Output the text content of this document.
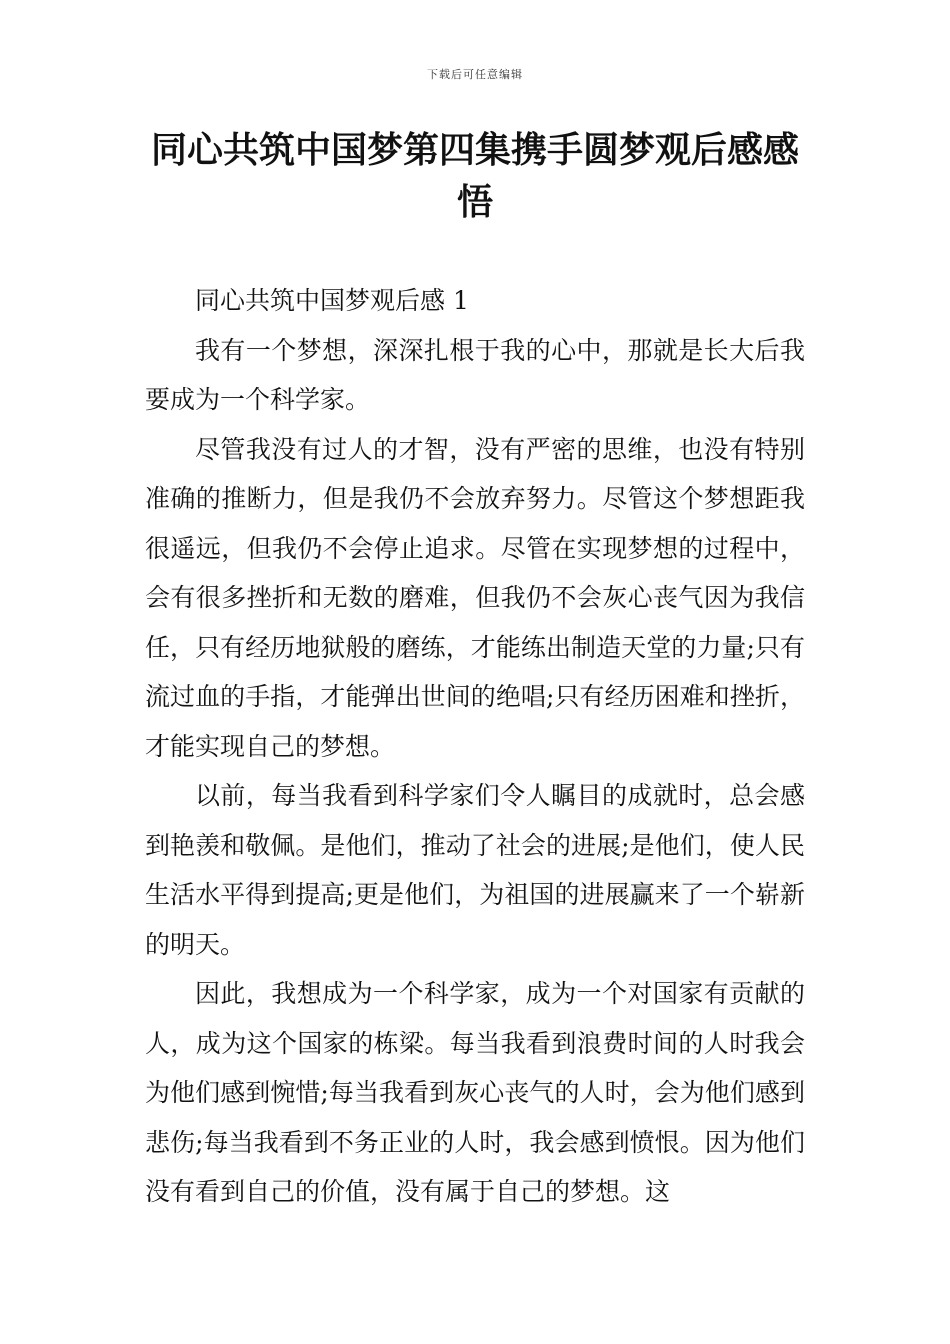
下载后可任意编辑
同心共筑中国梦第四集携手圆梦观后感感悟

同心共筑中国梦观后感 1

我有一个梦想，深深扎根于我的心中，那就是长大后我要成为一个科学家。

尽管我没有过人的才智，没有严密的思维，也没有特别准确的推断力，但是我仍不会放弃努力。尽管这个梦想距我很遥远，但我仍不会停止追求。尽管在实现梦想的过程中，会有很多挫折和无数的磨难，但我仍不会灰心丧气因为我信任，只有经历地狱般的磨练，才能练出制造天堂的力量;只有流过血的手指，才能弹出世间的绝唱;只有经历困难和挫折，才能实现自己的梦想。

以前，每当我看到科学家们令人瞩目的成就时，总会感到艳羡和敬佩。是他们，推动了社会的进展;是他们，使人民生活水平得到提高;更是他们，为祖国的进展赢来了一个崭新的明天。

因此，我想成为一个科学家，成为一个对国家有贡献的人，成为这个国家的栋梁。每当我看到浪费时间的人时我会为他们感到惋惜;每当我看到灰心丧气的人时，会为他们感到悲伤;每当我看到不务正业的人时，我会感到愤恨。因为他们没有看到自己的价值，没有属于自己的梦想。这
